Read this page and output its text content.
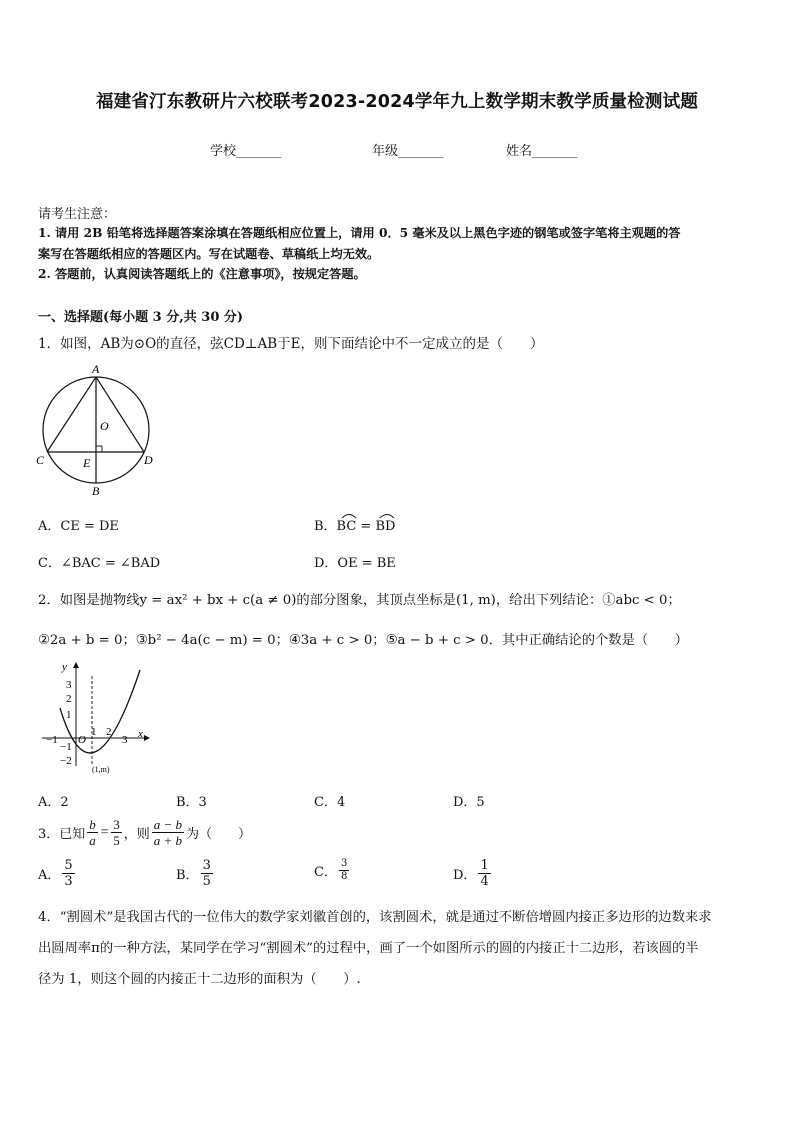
福建省汀东教研片六校联考2023-2024学年九上数学期末教学质量检测试题
学校_______	年级_______	姓名_______
请考生注意：
1. 请用 2B 铅笔将选择题答案涂填在答题纸相应位置上，请用 0．5 毫米及以上黑色字迹的钢笔或签字笔将主观题的答
案写在答题纸相应的答题区内。写在试题卷、草稿纸上均无效。
2. 答题前，认真阅读答题纸上的《注意事项》，按规定答题。
一、选择题(每小题 3 分,共 30 分)
1．如图，AB为⊙O的直径，弦CD⊥AB于E，则下面结论中不一定成立的是（　　）
A
O
C	D
E
B
A．CE = DE	B．BC = BD
C．∠BAC = ∠BAD	D．OE = BE
2．如图是抛物线y = ax² + bx + c(a ≠ 0)的部分图象，其顶点坐标是(1, m)，给出下列结论：①abc < 0；
②2a + b = 0；③b² − 4a(c − m) = 0；④3a + c > 0；⑤a − b + c > 0．其中正确结论的个数是（　　）
y
x
3
2
1
−1
−2
−1 O
1 2
3
(1,m)
A．2	B．3	C．4	D．5
3．已知 $\frac{b}{a} = \frac{3}{5}$ ，则 $\frac{a - b}{a + b}$ 为（　　）
A． $\frac{5}{3}$	B． $\frac{3}{5}$	C． $\frac{3}{8}$	D． $\frac{1}{4}$
4．“割圆术”是我国古代的一位伟大的数学家刘徽首创的，该割圆术，就是通过不断倍增圆内接正多边形的边数来求
出圆周率π的一种方法，某同学在学习“割圆术”的过程中，画了一个如图所示的圆的内接正十二边形，若该圆的半
径为 1，则这个圆的内接正十二边形的面积为（　　）.
